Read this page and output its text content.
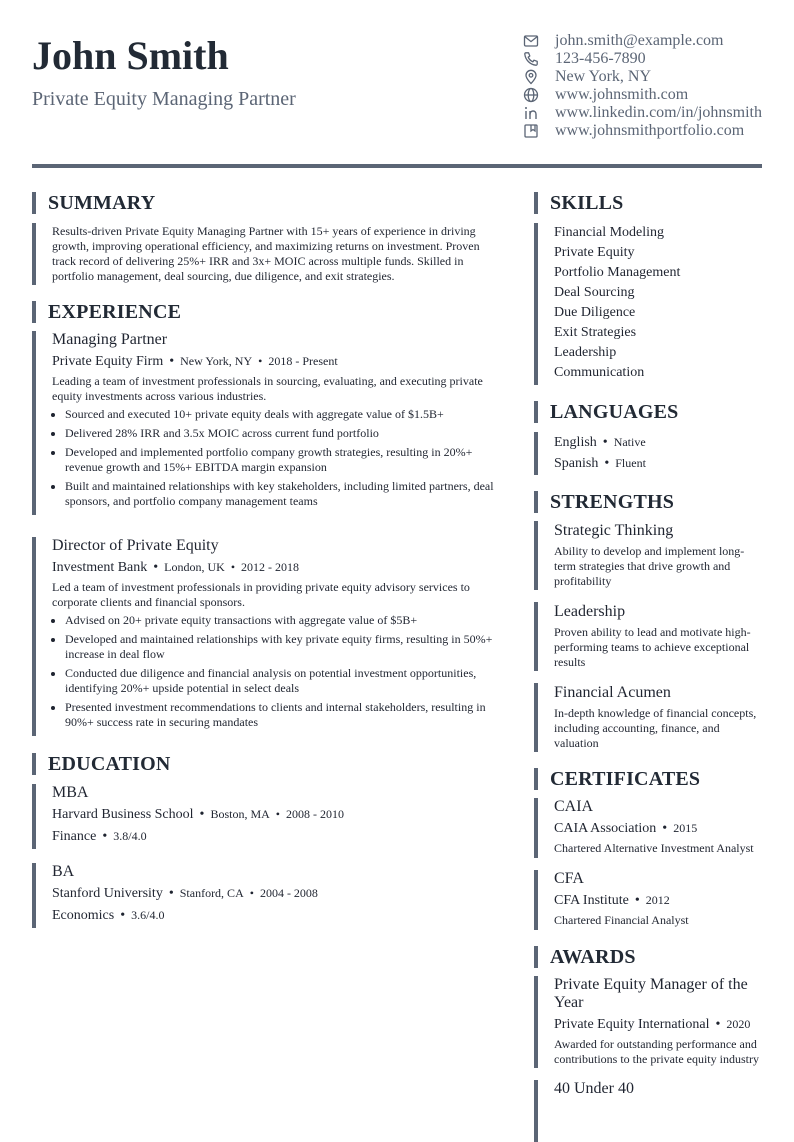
John Smith
Private Equity Managing Partner
john.smith@example.com
123-456-7890
New York, NY
www.johnsmith.com
www.linkedin.com/in/johnsmith
www.johnsmithportfolio.com
SUMMARY
Results-driven Private Equity Managing Partner with 15+ years of experience in driving growth, improving operational efficiency, and maximizing returns on investment. Proven track record of delivering 25%+ IRR and 3x+ MOIC across multiple funds. Skilled in portfolio management, deal sourcing, due diligence, and exit strategies.
EXPERIENCE
Managing Partner
Private Equity Firm • New York, NY • 2018 - Present
Leading a team of investment professionals in sourcing, evaluating, and executing private equity investments across various industries.
• Sourced and executed 10+ private equity deals with aggregate value of $1.5B+
• Delivered 28% IRR and 3.5x MOIC across current fund portfolio
• Developed and implemented portfolio company growth strategies, resulting in 20%+ revenue growth and 15%+ EBITDA margin expansion
• Built and maintained relationships with key stakeholders, including limited partners, deal sponsors, and portfolio company management teams
Director of Private Equity
Investment Bank • London, UK • 2012 - 2018
Led a team of investment professionals in providing private equity advisory services to corporate clients and financial sponsors.
• Advised on 20+ private equity transactions with aggregate value of $5B+
• Developed and maintained relationships with key private equity firms, resulting in 50%+ increase in deal flow
• Conducted due diligence and financial analysis on potential investment opportunities, identifying 20%+ upside potential in select deals
• Presented investment recommendations to clients and internal stakeholders, resulting in 90%+ success rate in securing mandates
EDUCATION
MBA
Harvard Business School • Boston, MA • 2008 - 2010
Finance • 3.8/4.0
BA
Stanford University • Stanford, CA • 2004 - 2008
Economics • 3.6/4.0
SKILLS
Financial Modeling
Private Equity
Portfolio Management
Deal Sourcing
Due Diligence
Exit Strategies
Leadership
Communication
LANGUAGES
English • Native
Spanish • Fluent
STRENGTHS
Strategic Thinking
Ability to develop and implement long-term strategies that drive growth and profitability
Leadership
Proven ability to lead and motivate high-performing teams to achieve exceptional results
Financial Acumen
In-depth knowledge of financial concepts, including accounting, finance, and valuation
CERTIFICATES
CAIA
CAIA Association • 2015
Chartered Alternative Investment Analyst
CFA
CFA Institute • 2012
Chartered Financial Analyst
AWARDS
Private Equity Manager of the Year
Private Equity International • 2020
Awarded for outstanding performance and contributions to the private equity industry
40 Under 40
